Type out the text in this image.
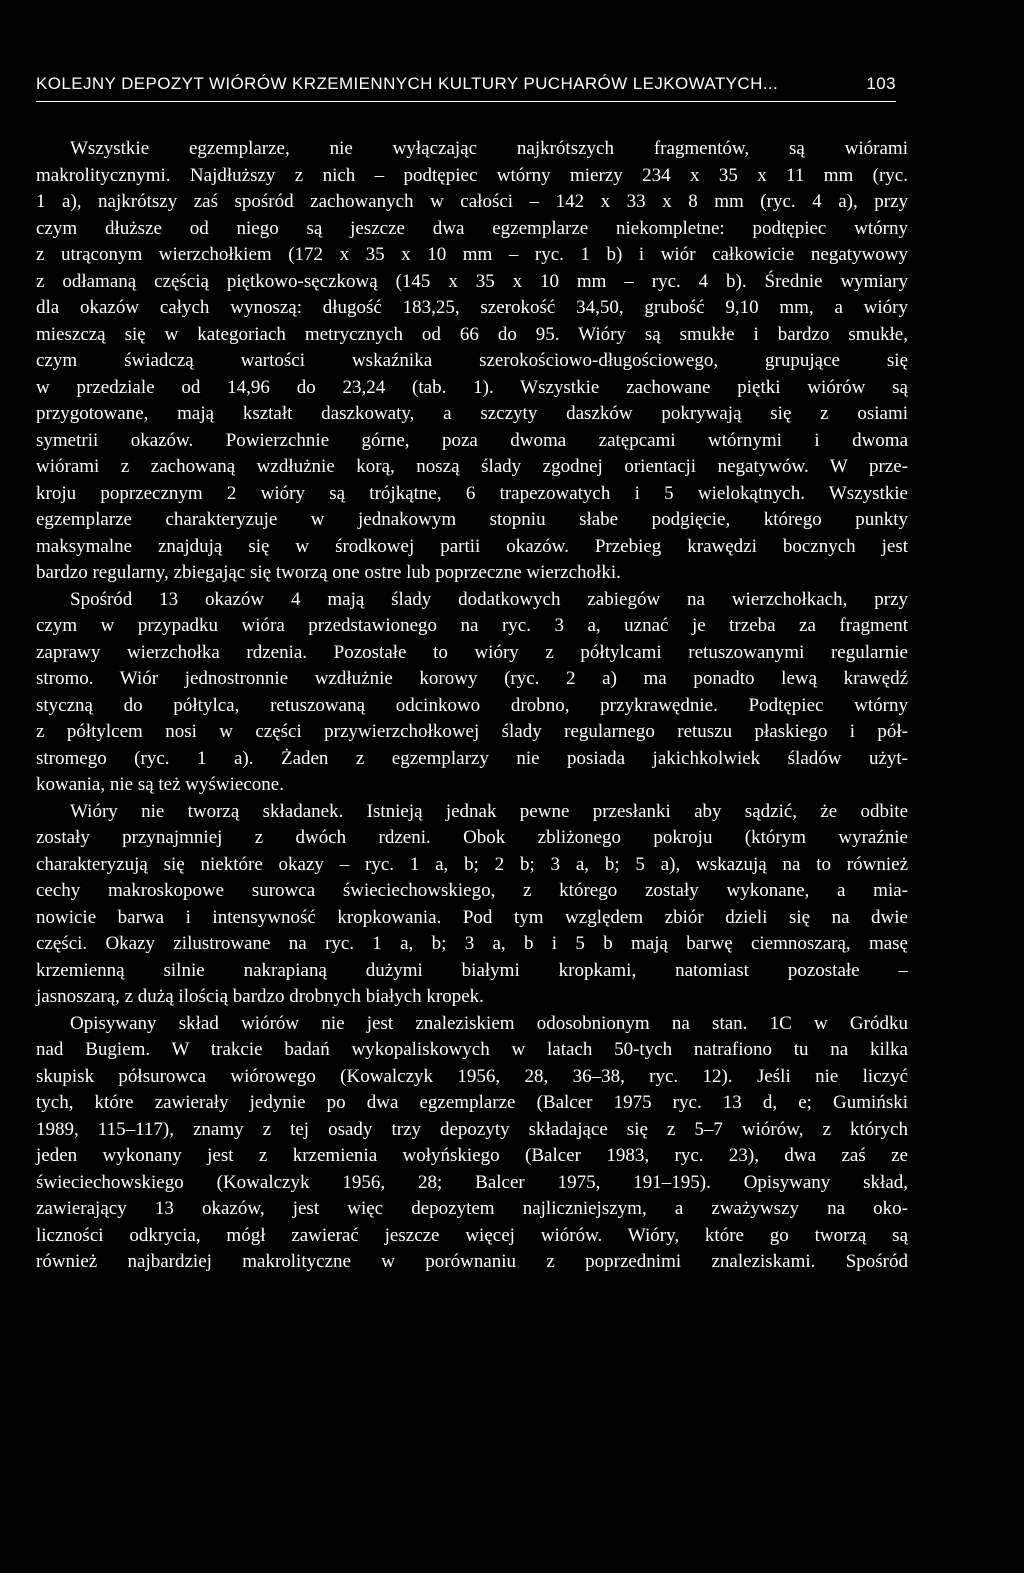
KOLEJNY DEPOZYT WIÓRÓW KRZEMIENNYCH KULTURY PUCHARÓW LEJKOWATYCH...	103
Wszystkie egzemplarze, nie wyłączając najkrótszych fragmentów, są wiórami
makrolitycznymi. Najdłuższy z nich – podtępiec wtórny mierzy 234 x 35 x 11 mm (ryc.
1 a), najkrótszy zaś spośród zachowanych w całości – 142 x 33 x 8 mm (ryc. 4 a), przy
czym dłuższe od niego są jeszcze dwa egzemplarze niekompletne: podtępiec wtórny
z utrąconym wierzchołkiem (172 x 35 x 10 mm – ryc. 1 b) i wiór całkowicie negatywowy
z odłamaną częścią piętkowo-sęczkową (145 x 35 x 10 mm – ryc. 4 b). Średnie wymiary
dla okazów całych wynoszą: długość 183,25, szerokość 34,50, grubość 9,10 mm, a wióry
mieszczą się w kategoriach metrycznych od 66 do 95. Wióry są smukłe i bardzo smukłe,
czym świadczą wartości wskaźnika szerokościowo-długościowego, grupujące się
w przedziale od 14,96 do 23,24 (tab. 1). Wszystkie zachowane piętki wiórów są
przygotowane, mają kształt daszkowaty, a szczyty daszków pokrywają się z osiami
symetrii okazów. Powierzchnie górne, poza dwoma zatępcami wtórnymi i dwoma
wiórami z zachowaną wzdłużnie korą, noszą ślady zgodnej orientacji negatywów. W prze-
kroju poprzecznym 2 wióry są trójkątne, 6 trapezowatych i 5 wielokątnych. Wszystkie
egzemplarze charakteryzuje w jednakowym stopniu słabe podgięcie, którego punkty
maksymalne znajdują się w środkowej partii okazów. Przebieg krawędzi bocznych jest
bardzo regularny, zbiegając się tworzą one ostre lub poprzeczne wierzchołki.
Spośród 13 okazów 4 mają ślady dodatkowych zabiegów na wierzchołkach, przy
czym w przypadku wióra przedstawionego na ryc. 3 a, uznać je trzeba za fragment
zaprawy wierzchołka rdzenia. Pozostałe to wióry z półtylcami retuszowanymi regularnie
stromo. Wiór jednostronnie wzdłużnie korowy (ryc. 2 a) ma ponadto lewą krawędź
styczną do półtylca, retuszowaną odcinkowo drobno, przykrawędnie. Podtępiec wtórny
z półtylcem nosi w części przywierzchołkowej ślady regularnego retuszu płaskiego i pół-
stromego (ryc. 1 a). Żaden z egzemplarzy nie posiada jakichkolwiek śladów użyt-
kowania, nie są też wyświecone.
Wióry nie tworzą składanek. Istnieją jednak pewne przesłanki aby sądzić, że odbite
zostały przynajmniej z dwóch rdzeni. Obok zbliżonego pokroju (którym wyraźnie
charakteryzują się niektóre okazy – ryc. 1 a, b; 2 b; 3 a, b; 5 a), wskazują na to również
cechy makroskopowe surowca świeciechowskiego, z którego zostały wykonane, a mia-
nowicie barwa i intensywność kropkowania. Pod tym względem zbiór dzieli się na dwie
części. Okazy zilustrowane na ryc. 1 a, b; 3 a, b i 5 b mają barwę ciemnoszarą, masę
krzemienną silnie nakrapianą dużymi białymi kropkami, natomiast pozostałe –
jasnoszarą, z dużą ilością bardzo drobnych białych kropek.
Opisywany skład wiórów nie jest znaleziskiem odosobnionym na stan. 1C w Gródku
nad Bugiem. W trakcie badań wykopaliskowych w latach 50-tych natrafiono tu na kilka
skupisk półsurowca wiórowego (Kowalczyk 1956, 28, 36–38, ryc. 12). Jeśli nie liczyć
tych, które zawierały jedynie po dwa egzemplarze (Balcer 1975 ryc. 13 d, e; Gumiński
1989, 115–117), znamy z tej osady trzy depozyty składające się z 5–7 wiórów, z których
jeden wykonany jest z krzemienia wołyńskiego (Balcer 1983, ryc. 23), dwa zaś ze
świeciechowskiego (Kowalczyk 1956, 28; Balcer 1975, 191–195). Opisywany skład,
zawierający 13 okazów, jest więc depozytem najliczniejszym, a zważywszy na oko-
liczności odkrycia, mógł zawierać jeszcze więcej wiórów. Wióry, które go tworzą są
również najbardziej makrolityczne w porównaniu z poprzednimi znaleziskami. Spośród
